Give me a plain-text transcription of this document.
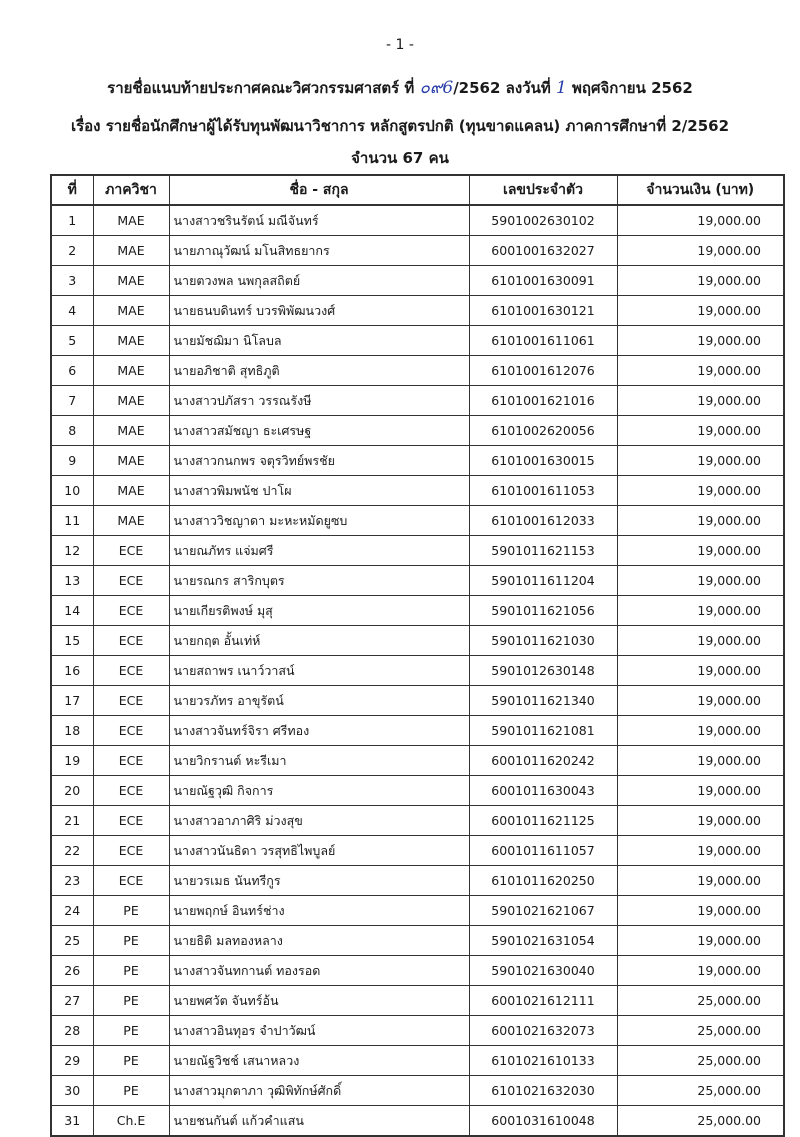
- 1 -
รายชื่อแนบท้ายประกาศคณะวิศวกรรมศาสตร์ ที่ ๐๙6/2562 ลงวันที่ 1 พฤศจิกายน 2562
เรื่อง รายชื่อนักศึกษาผู้ได้รับทุนพัฒนาวิชาการ หลักสูตรปกติ (ทุนขาดแคลน) ภาคการศึกษาที่ 2/2562
จำนวน 67 คน
ที่	ภาควิชา	ชื่อ - สกุล	เลขประจำตัว	จำนวนเงิน (บาท)
1	MAE	นางสาวชรินรัตน์ มณีจันทร์	5901002630102	19,000.00
2	MAE	นายภาณุวัฒน์ มโนสิทธยากร	6001001632027	19,000.00
3	MAE	นายตวงพล นพกุลสถิตย์	6101001630091	19,000.00
4	MAE	นายธนบดินทร์ บวรพิพัฒนวงศ์	6101001630121	19,000.00
5	MAE	นายมัชฌิมา นิโลบล	6101001611061	19,000.00
6	MAE	นายอภิชาติ สุทธิภูติ	6101001612076	19,000.00
7	MAE	นางสาวปภัสรา วรรณรังษี	6101001621016	19,000.00
8	MAE	นางสาวสมัชญา ธะเศรษฐ	6101002620056	19,000.00
9	MAE	นางสาวกนกพร จตุรวิทย์พรชัย	6101001630015	19,000.00
10	MAE	นางสาวพิมพนัช ปาโผ	6101001611053	19,000.00
11	MAE	นางสาววิชญาดา มะหะหมัดยูซบ	6101001612033	19,000.00
12	ECE	นายณภัทร แจ่มศรี	5901011621153	19,000.00
13	ECE	นายรณกร สาริกบุตร	5901011611204	19,000.00
14	ECE	นายเกียรติพงษ์ มุสุ	5901011621056	19,000.00
15	ECE	นายกฤต อั้นเท่ห์	5901011621030	19,000.00
16	ECE	นายสถาพร เนาว์วาสน์	5901012630148	19,000.00
17	ECE	นายวรภัทร อาขุรัตน์	5901011621340	19,000.00
18	ECE	นางสาวจันทร์จิรา ศรีทอง	5901011621081	19,000.00
19	ECE	นายวิกรานต์ หะรีเมา	6001011620242	19,000.00
20	ECE	นายณัฐวุฒิ กิจการ	6001011630043	19,000.00
21	ECE	นางสาวอาภาศิริ ม่วงสุข	6001011621125	19,000.00
22	ECE	นางสาวนันธิดา วรสุทธิไพบูลย์	6001011611057	19,000.00
23	ECE	นายวรเมธ นันทรีกูร	6101011620250	19,000.00
24	PE	นายพฤกษ์ อินทร์ช่าง	5901021621067	19,000.00
25	PE	นายธิติ มลทองหลาง	5901021631054	19,000.00
26	PE	นางสาวจันทกานต์ ทองรอด	5901021630040	19,000.00
27	PE	นายพศวัต จันทร์อ้น	6001021612111	25,000.00
28	PE	นางสาวอินทุอร จำปาวัฒน์	6001021632073	25,000.00
29	PE	นายณัฐวิชช์ เสนาหลวง	6101021610133	25,000.00
30	PE	นางสาวมุกตาภา วุฒิพิทักษ์ศักดิ์	6101021632030	25,000.00
31	Ch.E	นายชนกันต์ แก้วคำแสน	6001031610048	25,000.00
